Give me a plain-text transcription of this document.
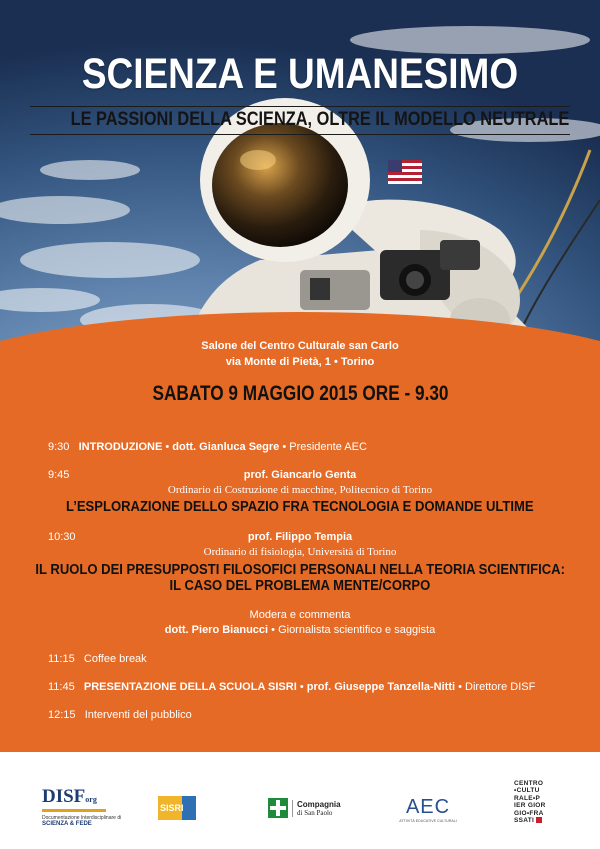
SCIENZA E UMANESIMO
LE PASSIONI DELLA SCIENZA, OLTRE IL MODELLO NEUTRALE
Salone del Centro Culturale san Carlo
via Monte di Pietà, 1 • Torino
SABATO 9 MAGGIO 2015 ORE - 9.30
9:30 INTRODUZIONE • dott. Gianluca Segre • Presidente AEC
9:45	prof. Giancarlo Genta
Ordinario di Costruzione di macchine, Politecnico di Torino
L’ESPLORAZIONE DELLO SPAZIO FRA TECNOLOGIA E DOMANDE ULTIME
10:30	prof. Filippo Tempia
Ordinario di fisiologia, Università di Torino
IL RUOLO DEI PRESUPPOSTI FILOSOFICI PERSONALI NELLA TEORIA SCIENTIFICA:
IL CASO DEL PROBLEMA MENTE/CORPO
Modera e commenta
dott. Piero Bianucci • Giornalista scientifico e saggista
11:15 Coffee break
11:45 PRESENTAZIONE DELLA SCUOLA SISRI • prof. Giuseppe Tanzella-Nitti • Direttore DISF
12:15 Interventi del pubblico
DISForg
Documentazione Interdisciplinare di
SCIENZA & FEDE
SISRI	Compagnia
di San Paolo	AEC
ATTIVITÀ EDUCATIVE CULTURALI
CENTRO
•CULTU
RALE•P
IER GIOR
GIO•FRA
SSATI
